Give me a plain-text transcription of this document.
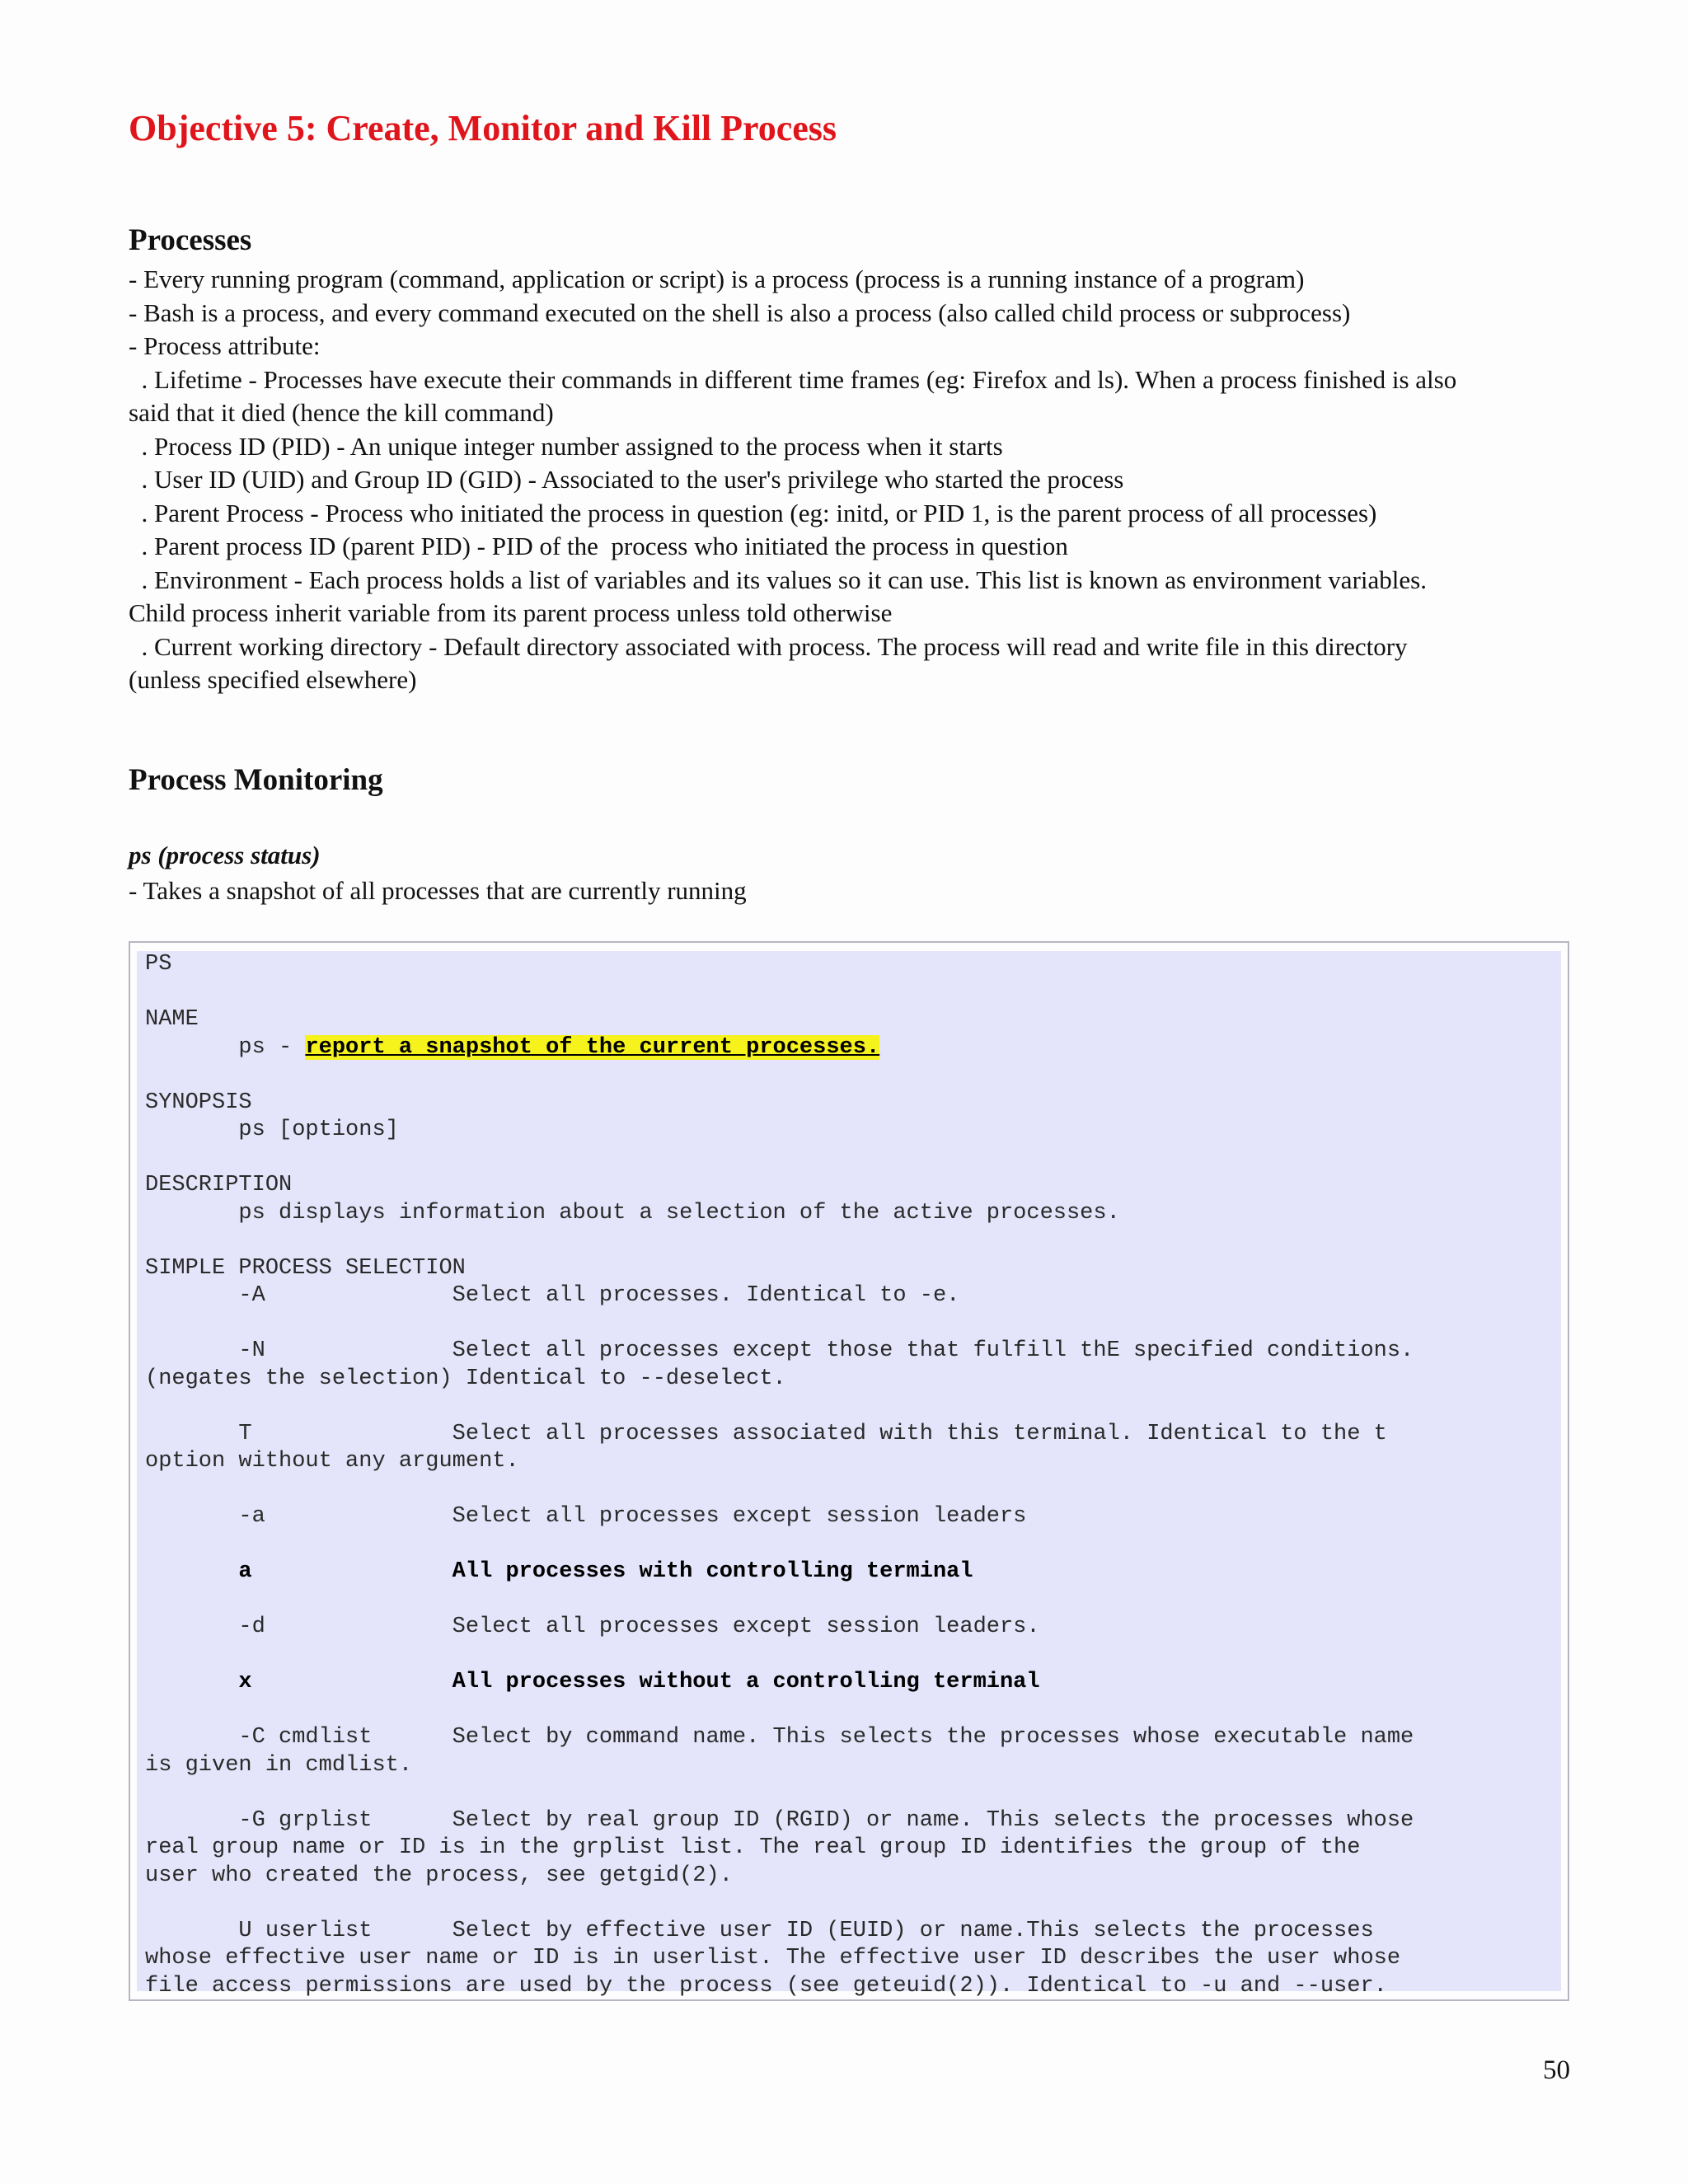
Objective 5: Create, Monitor and Kill Process
Processes
- Every running program (command, application or script) is a process (process is a running instance of a program)
- Bash is a process, and every command executed on the shell is also a process (also called child process or subprocess)
- Process attribute:
. Lifetime - Processes have execute their commands in different time frames (eg: Firefox and ls). When a process finished is also
said that it died (hence the kill command)
. Process ID (PID) - An unique integer number assigned to the process when it starts
. User ID (UID) and Group ID (GID) - Associated to the user's privilege who started the process
. Parent Process - Process who initiated the process in question (eg: initd, or PID 1, is the parent process of all processes)
. Parent process ID (parent PID) - PID of the  process who initiated the process in question
. Environment - Each process holds a list of variables and its values so it can use. This list is known as environment variables.
Child process inherit variable from its parent process unless told otherwise
. Current working directory - Default directory associated with process. The process will read and write file in this directory
(unless specified elsewhere)
Process Monitoring

ps (process status)

- Takes a snapshot of all processes that are currently running

PS

NAME
ps - report a snapshot of the current processes.

SYNOPSIS
ps [options]

DESCRIPTION
ps displays information about a selection of the active processes.

SIMPLE PROCESS SELECTION
-A              Select all processes. Identical to -e.

-N              Select all processes except those that fulfill thE specified conditions.
(negates the selection) Identical to --deselect.

T               Select all processes associated with this terminal. Identical to the t
option without any argument.

-a              Select all processes except session leaders

a               All processes with controlling terminal

-d              Select all processes except session leaders.

x               All processes without a controlling terminal

-C cmdlist      Select by command name. This selects the processes whose executable name
is given in cmdlist.

-G grplist      Select by real group ID (RGID) or name. This selects the processes whose
real group name or ID is in the grplist list. The real group ID identifies the group of the
user who created the process, see getgid(2).

U userlist      Select by effective user ID (EUID) or name.This selects the processes
whose effective user name or ID is in userlist. The effective user ID describes the user whose
file access permissions are used by the process (see geteuid(2)). Identical to -u and --user.

50
